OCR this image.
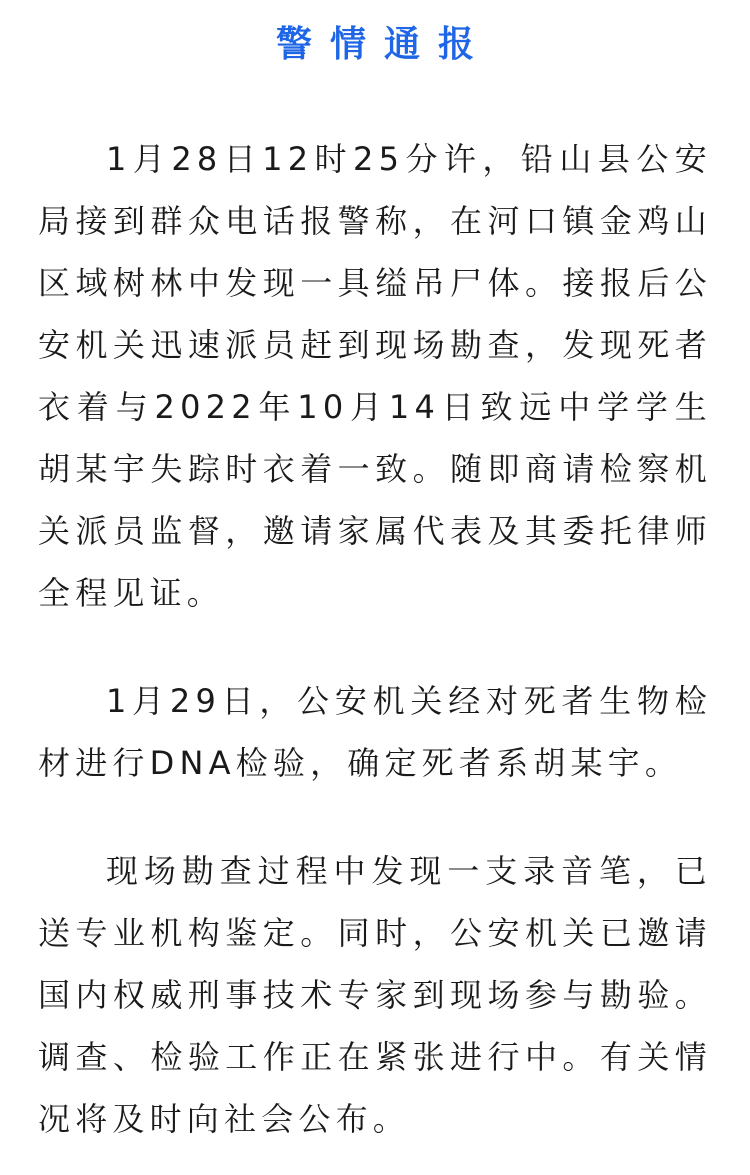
警情通报

1月28日12时25分许，铅山县公安局接到群众电话报警称，在河口镇金鸡山区域树林中发现一具缢吊尸体。接报后公安机关迅速派员赶到现场勘查，发现死者衣着与2022年10月14日致远中学学生胡某宇失踪时衣着一致。随即商请检察机关派员监督，邀请家属代表及其委托律师全程见证。

1月29日，公安机关经对死者生物检材进行DNA检验，确定死者系胡某宇。

现场勘查过程中发现一支录音笔，已送专业机构鉴定。同时，公安机关已邀请国内权威刑事技术专家到现场参与勘验。调查、检验工作正在紧张进行中。有关情况将及时向社会公布。
